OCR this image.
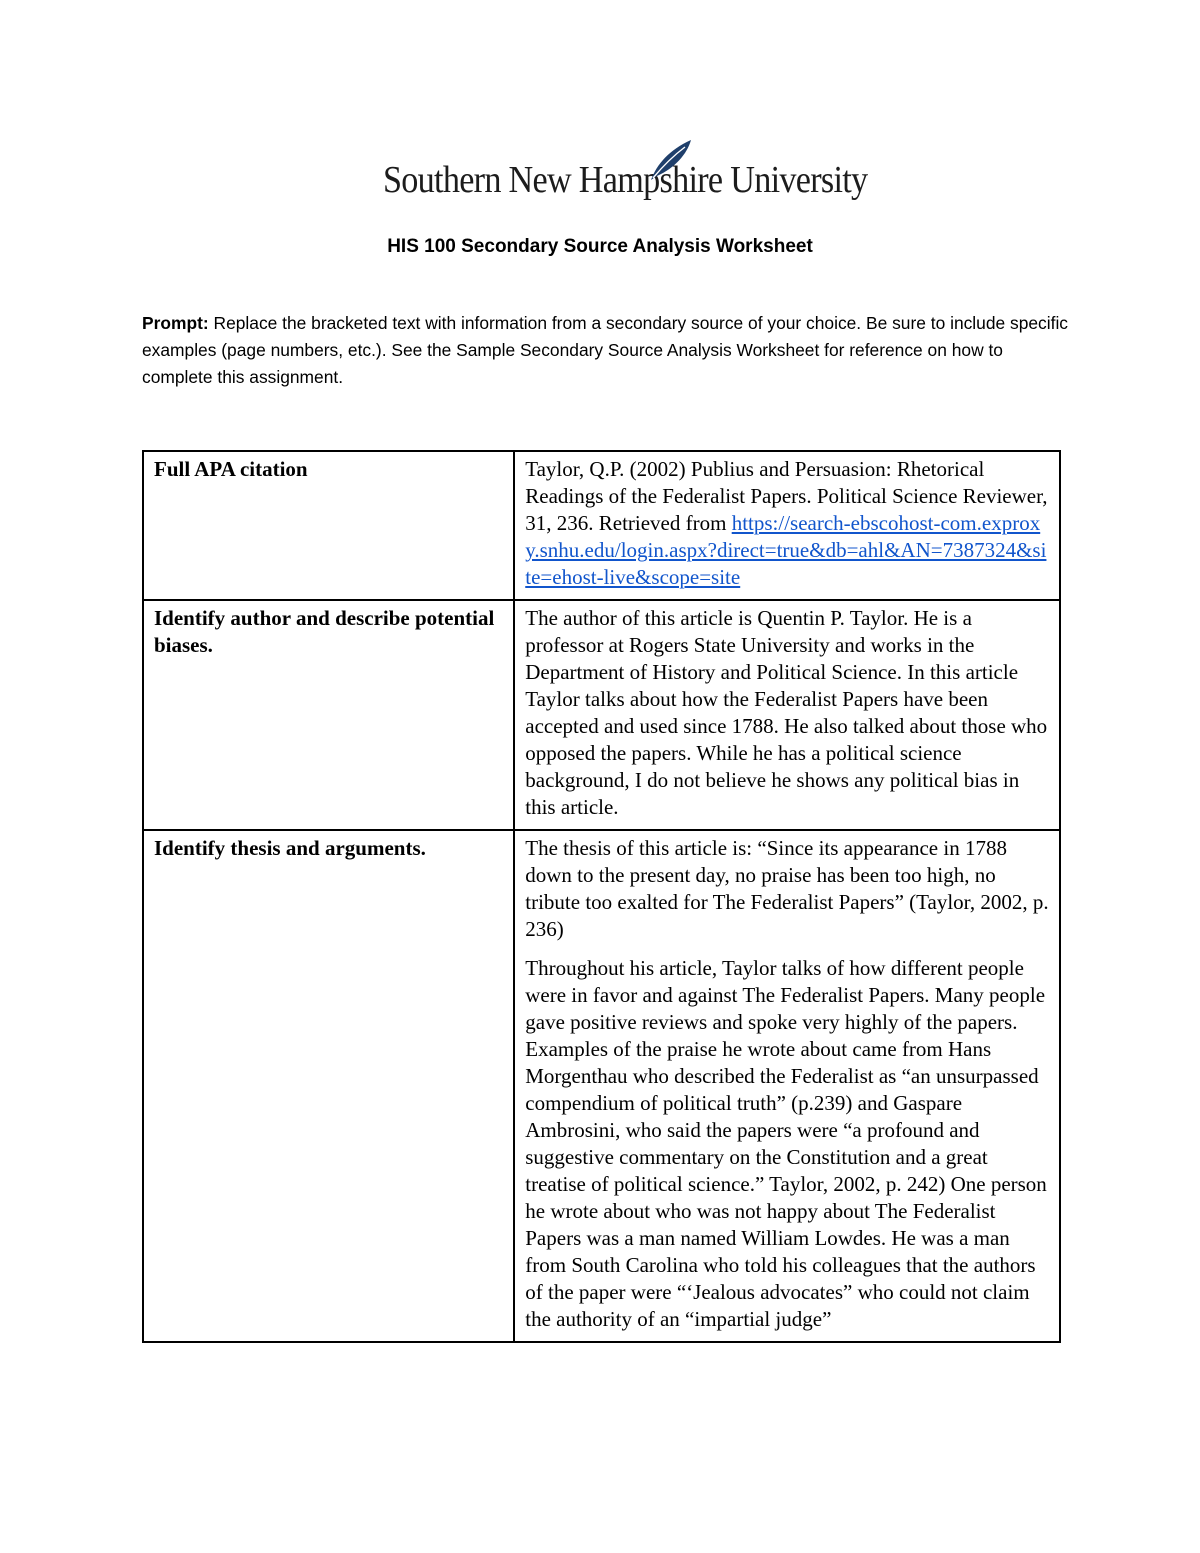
Southern New Hampshire University
HIS 100 Secondary Source Analysis Worksheet
Prompt: Replace the bracketed text with information from a secondary source of your choice. Be sure to include specific examples (page numbers, etc.). See the Sample Secondary Source Analysis Worksheet for reference on how to complete this assignment.
Full APA citation	Taylor, Q.P. (2002) Publius and Persuasion: Rhetorical Readings of the Federalist Papers. Political Science Reviewer, 31, 236. Retrieved from https://search-ebscohost-com.exproxy.snhu.edu/login.aspx?direct=true&db=ahl&AN=7387324&site=ehost-live&scope=site
Identify author and describe potential biases.	The author of this article is Quentin P. Taylor. He is a professor at Rogers State University and works in the Department of History and Political Science. In this article Taylor talks about how the Federalist Papers have been accepted and used since 1788. He also talked about those who opposed the papers. While he has a political science background, I do not believe he shows any political bias in this article.
Identify thesis and arguments.	The thesis of this article is: “Since its appearance in 1788 down to the present day, no praise has been too high, no tribute too exalted for The Federalist Papers” (Taylor, 2002, p. 236)

Throughout his article, Taylor talks of how different people were in favor and against The Federalist Papers. Many people gave positive reviews and spoke very highly of the papers. Examples of the praise he wrote about came from Hans Morgenthau who described the Federalist as “an unsurpassed compendium of political truth” (p.239) and Gaspare Ambrosini, who said the papers were “a profound and suggestive commentary on the Constitution and a great treatise of political science.” Taylor, 2002, p. 242) One person he wrote about who was not happy about The Federalist Papers was a man named William Lowdes. He was a man from South Carolina who told his colleagues that the authors of the paper were “‘Jealous advocates” who could not claim the authority of an “impartial judge”
